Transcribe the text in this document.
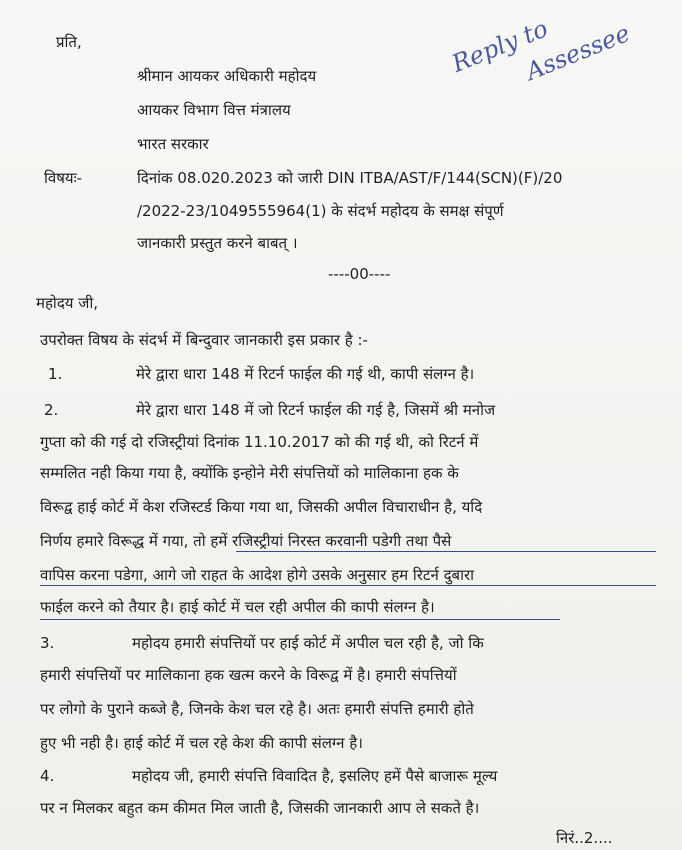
प्रति,
श्रीमान आयकर अधिकारी महोदय
आयकर विभाग वित्त मंत्रालय
भारत सरकार
Reply to
Assessee
विषयः-	दिनांक 08.020.2023 को जारी DIN ITBA/AST/F/144(SCN)(F)/20
/2022-23/1049555964(1) के संदर्भ महोदय के समक्ष संपूर्ण
जानकारी प्रस्तुत करने बाबत् ।
----00----
महोदय जी,
उपरोक्त विषय के संदर्भ में बिन्दुवार जानकारी इस प्रकार है :-
1.	मेरे द्वारा धारा 148 में रिटर्न फाईल की गई थी, कापी संलग्न है।
2.	मेरे द्वारा धारा 148 में जो रिटर्न फाईल की गई है, जिसमें श्री मनोज
गुप्ता को की गई दो रजिस्ट्रीयां दिनांक 11.10.2017 को की गई थी, को रिटर्न में
सम्मलित नही किया गया है, क्योंकि इन्होने मेरी संपत्तियों को मालिकाना हक के
विरूद्व हाई कोर्ट में केश रजिस्टर्ड किया गया था, जिसकी अपील विचाराधीन है, यदि
निर्णय हमारे विरूद्ध में गया, तो हमें रजिस्ट्रीयां निरस्त करवानी पडेगी तथा पैसे
वापिस करना पडेगा, आगे जो राहत के आदेश होगे उसके अनुसार हम रिटर्न दुबारा
फाईल करने को तैयार है। हाई कोर्ट में चल रही अपील की कापी संलग्न है।
3.	महोदय हमारी संपत्तियों पर हाई कोर्ट में अपील चल रही है, जो कि
हमारी संपत्तियों पर मालिकाना हक खत्म करने के विरूद्व में है। हमारी संपत्तियों
पर लोगो के पुराने कब्जे है, जिनके केश चल रहे है। अतः हमारी संपत्ति हमारी होते
हुए भी नही है। हाई कोर्ट में चल रहे केश की कापी संलग्न है।
4.	महोदय जी, हमारी संपत्ति विवादित है, इसलिए हमें पैसे बाजारू मूल्य
पर न मिलकर बहुत कम कीमत मिल जाती है, जिसकी जानकारी आप ले सकते है।
निरं..2....
